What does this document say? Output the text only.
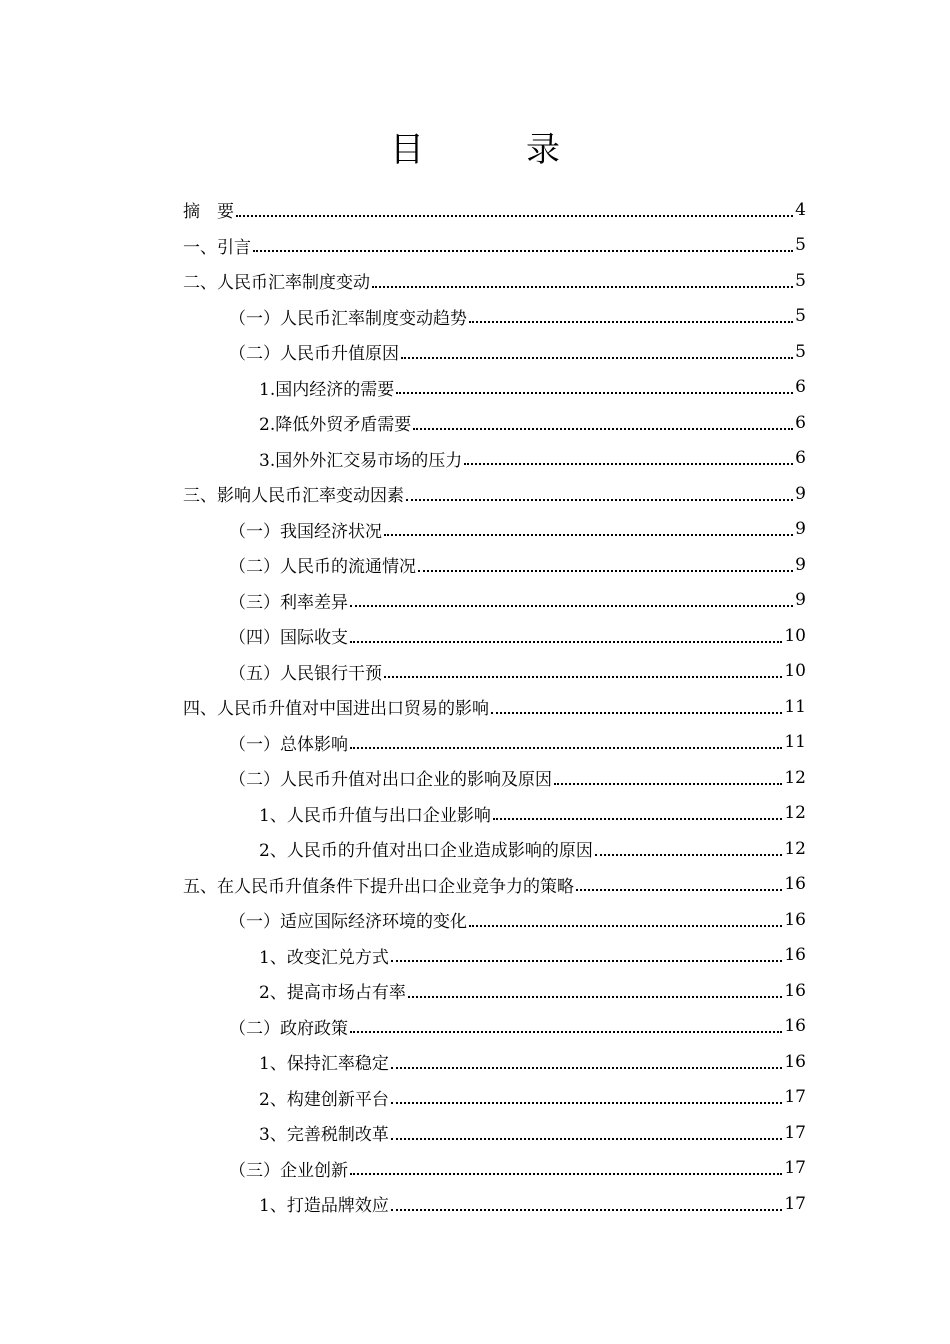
目　录
摘　要	4
一、引言	5
二、人民币汇率制度变动	5
（一）人民币汇率制度变动趋势	5
（二）人民币升值原因	5
1.国内经济的需要	6
2.降低外贸矛盾需要	6
3.国外外汇交易市场的压力	6
三、影响人民币汇率变动因素	9
（一）我国经济状况	9
（二）人民币的流通情况	9
（三）利率差异	9
（四）国际收支	10
（五）人民银行干预	10
四、人民币升值对中国进出口贸易的影响	11
（一）总体影响	11
（二）人民币升值对出口企业的影响及原因	12
1、人民币升值与出口企业影响	12
2、人民币的升值对出口企业造成影响的原因	12
五、在人民币升值条件下提升出口企业竞争力的策略	16
（一）适应国际经济环境的变化	16
1、改变汇兑方式	16
2、提高市场占有率	16
（二）政府政策	16
1、保持汇率稳定	16
2、构建创新平台	17
3、完善税制改革	17
（三）企业创新	17
1、打造品牌效应	17
